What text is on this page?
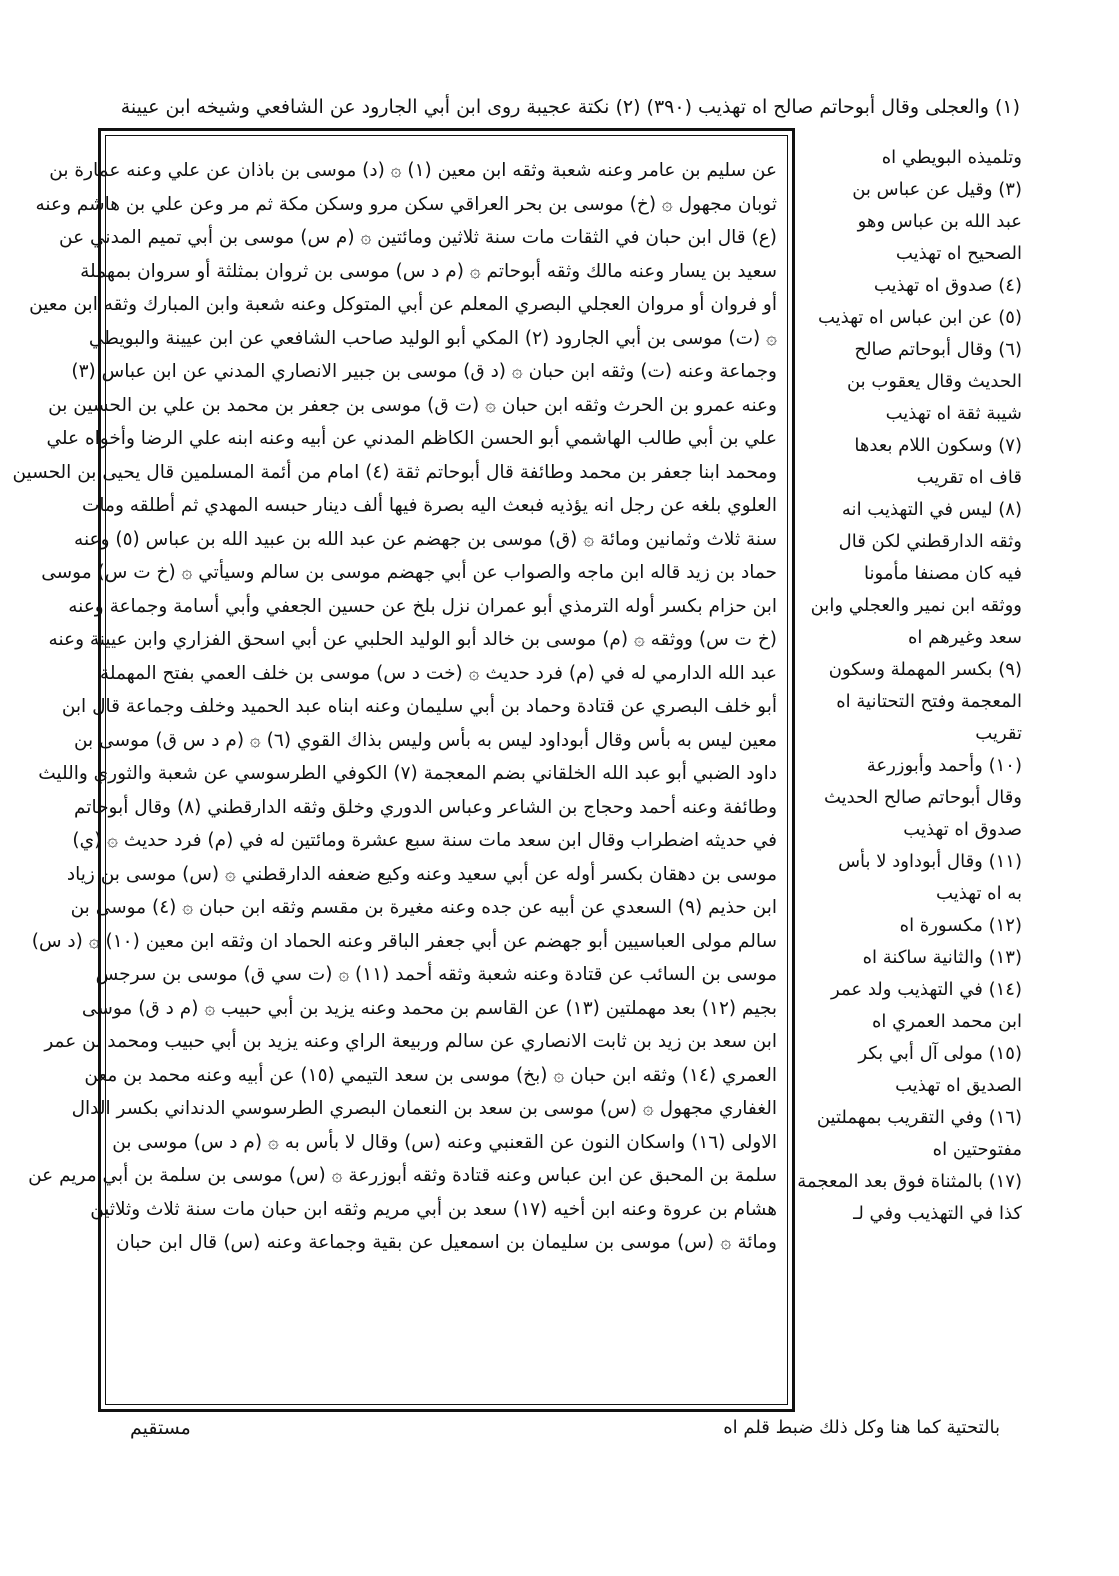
(١) والعجلى وقال أبوحاتم صالح اه تهذيب (٣٩٠) (٢) نكتة عجيبة روى ابن أبي الجارود عن الشافعي وشيخه ابن عيينة
عن سليم بن عامر وعنه شعبة وثقه ابن معين (١) ۞ (د) موسى بن باذان عن علي وعنه عمارة بن
ثوبان مجهول ۞ (خ) موسى بن بحر العراقي سكن مرو وسكن مكة ثم مر وعن علي بن هاشم وعنه
(ع) قال ابن حبان في الثقات مات سنة ثلاثين ومائتين ۞ (م س) موسى بن أبي تميم المدني عن
سعيد بن يسار وعنه مالك وثقه أبوحاتم ۞ (م د س) موسى بن ثروان بمثلثة أو سروان بمهملة
أو فروان أو مروان العجلي البصري المعلم عن أبي المتوكل وعنه شعبة وابن المبارك وثقه ابن معين
۞ (ت) موسى بن أبي الجارود (٢) المكي أبو الوليد صاحب الشافعي عن ابن عيينة والبويطي
وجماعة وعنه (ت) وثقه ابن حبان ۞ (د ق) موسى بن جبير الانصاري المدني عن ابن عباس (٣)
وعنه عمرو بن الحرث وثقه ابن حبان ۞ (ت ق) موسى بن جعفر بن محمد بن علي بن الحسين بن
علي بن أبي طالب الهاشمي أبو الحسن الكاظم المدني عن أبيه وعنه ابنه علي الرضا وأخواه علي
ومحمد ابنا جعفر بن محمد وطائفة قال أبوحاتم ثقة (٤) امام من أئمة المسلمين قال يحيى بن الحسين
العلوي بلغه عن رجل انه يؤذيه فبعث اليه بصرة فيها ألف دينار حبسه المهدي ثم أطلقه ومات
سنة ثلاث وثمانين ومائة ۞ (ق) موسى بن جهضم عن عبد الله بن عبيد الله بن عباس (٥) وعنه
حماد بن زيد قاله ابن ماجه والصواب عن أبي جهضم موسى بن سالم وسيأتي ۞ (خ ت س) موسى
ابن حزام بكسر أوله الترمذي أبو عمران نزل بلخ عن حسين الجعفي وأبي أسامة وجماعة وعنه
(خ ت س) ووثقه ۞ (م) موسى بن خالد أبو الوليد الحلبي عن أبي اسحق الفزاري وابن عيينة وعنه
عبد الله الدارمي له في (م) فرد حديث ۞ (خت د س) موسى بن خلف العمي بفتح المهملة
أبو خلف البصري عن قتادة وحماد بن أبي سليمان وعنه ابناه عبد الحميد وخلف وجماعة قال ابن
معين ليس به بأس وقال أبوداود ليس به بأس وليس بذاك القوي (٦) ۞ (م د س ق) موسى بن
داود الضبي أبو عبد الله الخلقاني بضم المعجمة (٧) الكوفي الطرسوسي عن شعبة والثوري والليث
وطائفة وعنه أحمد وحجاج بن الشاعر وعباس الدوري وخلق وثقه الدارقطني (٨) وقال أبوحاتم
في حديثه اضطراب وقال ابن سعد مات سنة سبع عشرة ومائتين له في (م) فرد حديث ۞ (ي)
موسى بن دهقان بكسر أوله عن أبي سعيد وعنه وكيع ضعفه الدارقطني ۞ (س) موسى بن زياد
ابن حذيم (٩) السعدي عن أبيه عن جده وعنه مغيرة بن مقسم وثقه ابن حبان ۞ (٤) موسى بن
سالم مولى العباسيين أبو جهضم عن أبي جعفر الباقر وعنه الحماد ان وثقه ابن معين (١٠) ۞ (د س)
موسى بن السائب عن قتادة وعنه شعبة وثقه أحمد (١١) ۞ (ت سي ق) موسى بن سرجس
بجيم (١٢) بعد مهملتين (١٣) عن القاسم بن محمد وعنه يزيد بن أبي حبيب ۞ (م د ق) موسى
ابن سعد بن زيد بن ثابت الانصاري عن سالم وربيعة الراي وعنه يزيد بن أبي حبيب ومحمد بن عمر
العمري (١٤) وثقه ابن حبان ۞ (بخ) موسى بن سعد التيمي (١٥) عن أبيه وعنه محمد بن معن
الغفاري مجهول ۞ (س) موسى بن سعد بن النعمان البصري الطرسوسي الدنداني بكسر الدال
الاولى (١٦) واسكان النون عن القعنبي وعنه (س) وقال لا بأس به ۞ (م د س) موسى بن
سلمة بن المحبق عن ابن عباس وعنه قتادة وثقه أبوزرعة ۞ (س) موسى بن سلمة بن أبي مريم عن
هشام بن عروة وعنه ابن أخيه (١٧) سعد بن أبي مريم وثقه ابن حبان مات سنة ثلاث وثلاثين
ومائة ۞ (س) موسى بن سليمان بن اسمعيل عن بقية وجماعة وعنه (س) قال ابن حبان
وتلميذه البويطي اه
(٣) وقيل عن عباس بن
عبد الله بن عباس وهو
الصحيح اه تهذيب
(٤) صدوق اه تهذيب
(٥) عن ابن عباس اه تهذيب
(٦) وقال أبوحاتم صالح
الحديث وقال يعقوب بن
شيبة ثقة اه تهذيب
(٧) وسكون اللام بعدها
قاف اه تقريب
(٨) ليس في التهذيب انه
وثقه الدارقطني لكن قال
فيه كان مصنفا مأمونا
ووثقه ابن نمير والعجلي وابن
سعد وغيرهم اه
(٩) بكسر المهملة وسكون
المعجمة وفتح التحتانية اه
تقريب
(١٠) وأحمد وأبوزرعة
وقال أبوحاتم صالح الحديث
صدوق اه تهذيب
(١١) وقال أبوداود لا بأس
به اه تهذيب
(١٢) مكسورة اه
(١٣) والثانية ساكنة اه
(١٤) في التهذيب ولد عمر
ابن محمد العمري اه
(١٥) مولى آل أبي بكر
الصديق اه تهذيب
(١٦) وفي التقريب بمهملتين
مفتوحتين اه
(١٧) بالمثناة فوق بعد المعجمة
كذا في التهذيب وفي لـ
بالتحتية كما هنا وكل ذلك ضبط قلم اه
مستقيم
